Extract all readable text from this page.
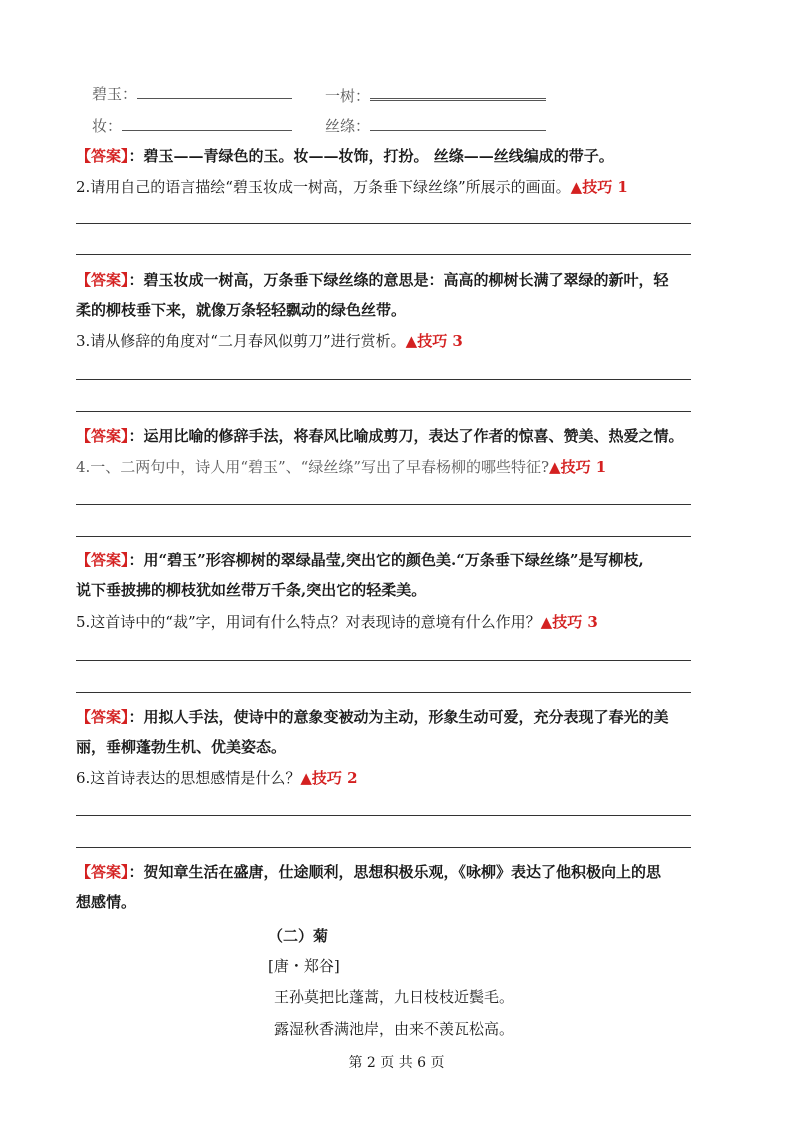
碧玉：	一树：
妆：	丝绦：
【答案】：碧玉——青绿色的玉。妆——妆饰，打扮。 丝绦——丝线编成的带子。
2.请用自己的语言描绘“碧玉妆成一树高，万条垂下绿丝绦”所展示的画面。▲技巧 1
【答案】：碧玉妆成一树高，万条垂下绿丝绦的意思是：高高的柳树长满了翠绿的新叶，轻
柔的柳枝垂下来，就像万条轻轻飘动的绿色丝带。
3.请从修辞的角度对“二月春风似剪刀”进行赏析。▲技巧 3
【答案】：运用比喻的修辞手法，将春风比喻成剪刀，表达了作者的惊喜、赞美、热爱之情。
4.一、二两句中，诗人用“碧玉”、“绿丝绦”写出了早春杨柳的哪些特征?▲技巧 1
【答案】：用“碧玉”形容柳树的翠绿晶莹,突出它的颜色美.“万条垂下绿丝绦”是写柳枝,
说下垂披拂的柳枝犹如丝带万千条,突出它的轻柔美。
5.这首诗中的“裁”字，用词有什么特点？对表现诗的意境有什么作用？▲技巧 3
【答案】：用拟人手法，使诗中的意象变被动为主动，形象生动可爱，充分表现了春光的美
丽，垂柳蓬勃生机、优美姿态。
6.这首诗表达的思想感情是什么？▲技巧 2
【答案】：贺知章生活在盛唐，仕途顺利，思想积极乐观，《咏柳》表达了他积极向上的思
想感情。
（二）菊
[唐・郑谷]
王孙莫把比蓬蒿，九日枝枝近鬓毛。
露湿秋香满池岸，由来不羡瓦松高。
第 2 页 共 6 页
